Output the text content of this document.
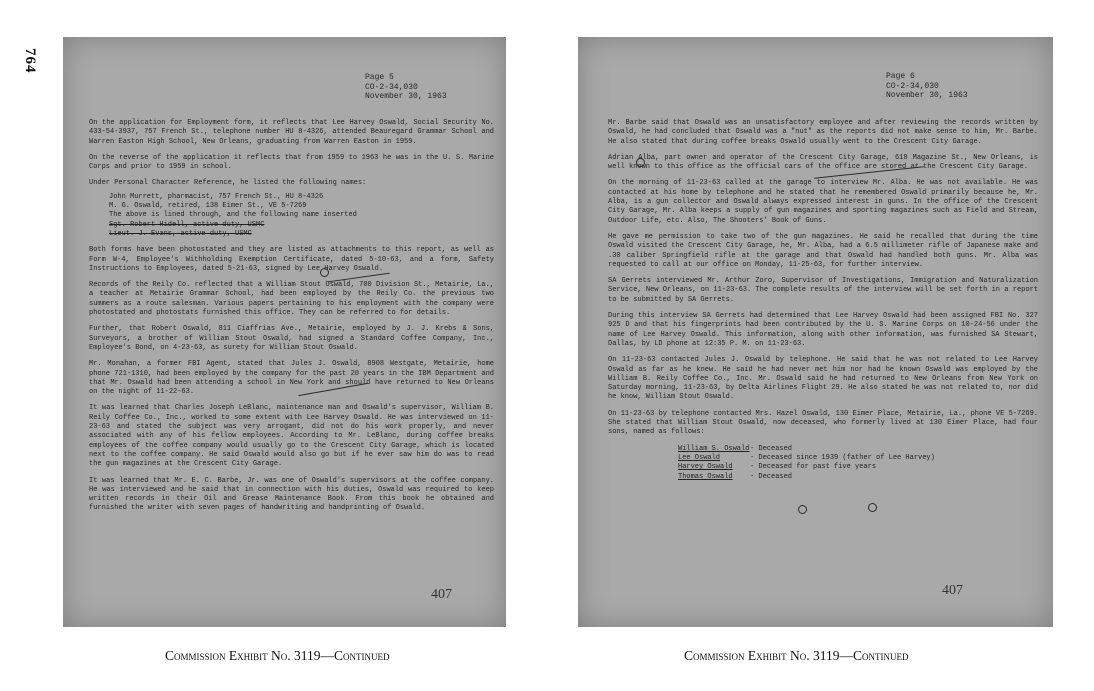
764
Page 5
CO-2-34,030
November 30, 1963

On the application for Employment form, it reflects that Lee Harvey Oswald, Social Security No. 433-54-3937, 757 French St., telephone number HU 8-4326, attended Beauregard Grammar School and Warren Easton High School, New Orleans, graduating from Warren Easton in 1959.

On the reverse of the application it reflects that from 1959 to 1963 he was in the U. S. Marine Corps and prior to 1959 in school.

Under Personal Character Reference, he listed the following names:

John Murrett, pharmacist, 757 French St., HU 8-4326
M. G. Oswald, retired, 138 Eimer St., VE 5-7269
The above is lined through, and the following name inserted
Sgt. Robert Hidell, active duty, USMC
Lieut. J. Evans, active duty, USMC

Both forms have been photostated and they are listed as attachments to this report, as well as Form W-4, Employee's Withholding Exemption Certificate, dated 5-10-63, and a form, Safety Instructions to Employees, dated 5-21-63, signed by Lee Harvey Oswald.

Records of the Reily Co. reflected that a William Stout Oswald, 700 Division St., Metairie, La., a teacher at Metairie Grammar School, had been employed by the Reily Co. the previous two summers as a route salesman. Various papers pertaining to his employment with the company were photostated and photostats furnished this office. They can be referred to for details.

Further, that Robert Oswald, 811 Ciaffrias Ave., Metairie, employed by J. J. Krebs & Sons, Surveyors, a brother of William Stout Oswald, had signed a Standard Coffee Company, Inc., Employee's Bond, on 4-23-63, as surety for William Stout Oswald.

Mr. Monahan, a former FBI Agent, stated that Jules J. Oswald, 8908 Westgate, Metairie, home phone 721-1310, had been employed by the company for the past 20 years in the IBM Department and that Mr. Oswald had been attending a school in New York and should have returned to New Orleans on the night of 11-22-63.

It was learned that Charles Joseph LeBlanc, maintenance man and Oswald's supervisor, William B. Reily Coffee Co., Inc., worked to some extent with Lee Harvey Oswald. He was interviewed on 11-23-63 and stated the subject was very arrogant, did not do his work properly, and never associated with any of his fellow employees. According to Mr. LeBlanc, during coffee breaks employees of the coffee company would usually go to the Crescent City Garage, which is located next to the coffee company. He said Oswald would also go but if he ever saw him do was to read the gun magazines at the Crescent City Garage.

It was learned that Mr. E. C. Barbe, Jr. was one of Oswald's supervisors at the coffee company. He was interviewed and he said that in connection with his duties, Oswald was required to keep written records in their Oil and Grease Maintenance Book. From this book he obtained and furnished the writer with seven pages of handwriting and handprinting of Oswald.

407
Page 6
CO-2-34,030
November 30, 1963

Mr. Barbe said that Oswald was an unsatisfactory employee and after reviewing the records written by Oswald, he had concluded that Oswald was a "nut" as the reports did not make sense to him, Mr. Barbe. He also stated that during coffee breaks Oswald usually went to the Crescent City Garage.

Adrian Alba, part owner and operator of the Crescent City Garage, 618 Magazine St., New Orleans, is well known to this office as the official cars of the office are stored at the Crescent City Garage.

On the morning of 11-23-63 called at the garage to interview Mr. Alba. He was not available. He was contacted at his home by telephone and he stated that he remembered Oswald primarily because he, Mr. Alba, is a gun collector and Oswald always expressed interest in guns. In the office of the Crescent City Garage, Mr. Alba keeps a supply of gun magazines and sporting magazines such as Field and Stream, Outdoor Life, etc. Also, The Shooters' Book of Guns.

He gave me permission to take two of the gun magazines. He said he recalled that during the time Oswald visited the Crescent City Garage, he, Mr. Alba, had a 6.5 millimeter rifle of Japanese make and .30 caliber Springfield rifle at the garage and that Oswald had handled both guns. Mr. Alba was requested to call at our office on Monday, 11-25-63, for further interview.

SA Gerrets interviewed Mr. Arthur Zoro, Supervisor of Investigations, Immigration and Naturalization Service, New Orleans, on 11-23-63. The complete results of the interview will be set forth in a report to be submitted by SA Gerrets.

During this interview SA Gerrets had determined that Lee Harvey Oswald had been assigned FBI No. 327 925 D and that his fingerprints had been contributed by the U. S. Marine Corps on 10-24-56 under the name of Lee Harvey Oswald. This information, along with other information, was furnished SA Stewart, Dallas, by LD phone at 12:35 P. M. on 11-23-63.

On 11-23-63 contacted Jules J. Oswald by telephone. He said that he was not related to Lee Harvey Oswald as far as he knew. He said he had never met him nor had he known Oswald was employed by the William B. Reily Coffee Co., Inc. Mr. Oswald said he had returned to New Orleans from New York on Saturday morning, 11-23-63, by Delta Airlines Flight 29. He also stated he was not related to, nor did he know, William Stout Oswald.

On 11-23-63 by telephone contacted Mrs. Hazel Oswald, 130 Eimer Place, Metairie, La., phone VE 5-7269. She stated that William Stout Oswald, now deceased, who formerly lived at 130 Eimer Place, had four sons, named as follows:

William S. Oswald - Deceased
Lee Oswald	- Deceased since 1939 (father of Lee Harvey)
Harvey Oswald	- Deceased for past five years
Thomas Oswald	- Deceased
407
Commission Exhibit No. 3119—Continued	Commission Exhibit No. 3119—Continued
